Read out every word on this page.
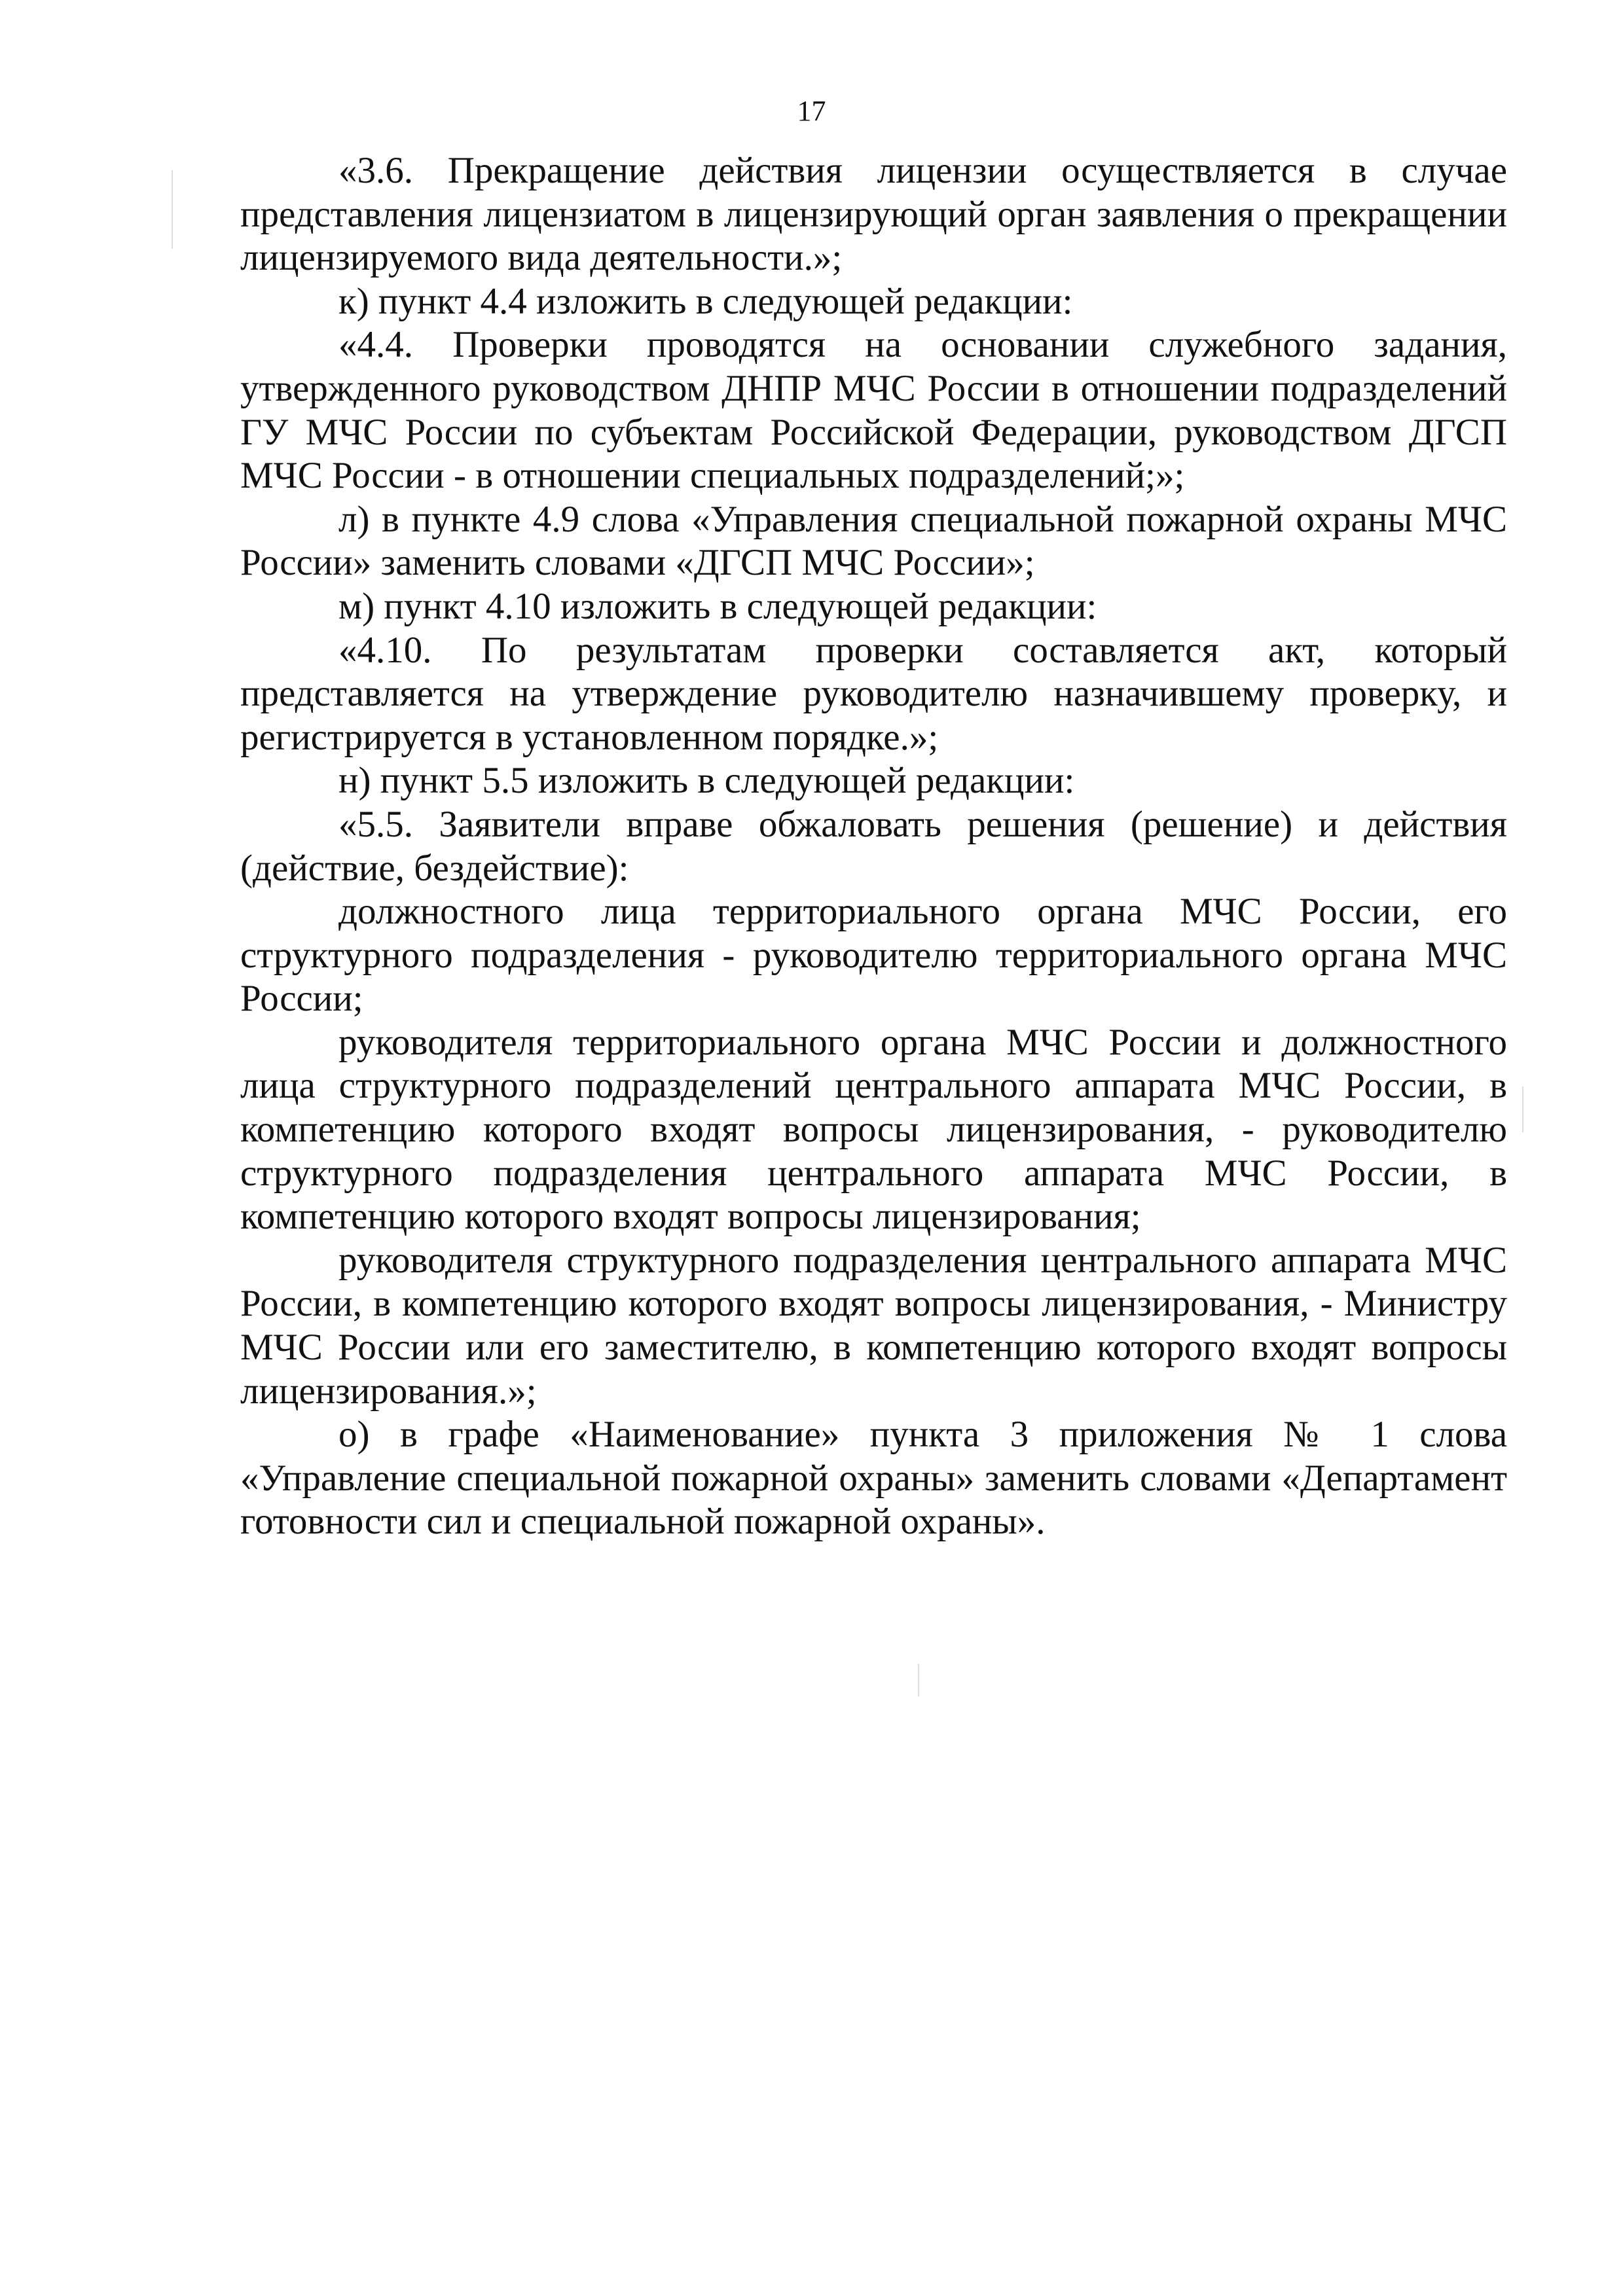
17

«3.6. Прекращение действия лицензии осуществляется в случае представления лицензиатом в лицензирующий орган заявления о прекращении лицензируемого вида деятельности.»;

к) пункт 4.4 изложить в следующей редакции:

«4.4. Проверки проводятся на основании служебного задания, утвержденного руководством ДНПР МЧС России в отношении подразделений ГУ МЧС России по субъектам Российской Федерации, руководством ДГСП МЧС России - в отношении специальных подразделений;»;

л) в пункте 4.9 слова «Управления специальной пожарной охраны МЧС России» заменить словами «ДГСП МЧС России»;

м) пункт 4.10 изложить в следующей редакции:

«4.10. По результатам проверки составляется акт, который представляется на утверждение руководителю назначившему проверку, и регистрируется в установленном порядке.»;

н) пункт 5.5 изложить в следующей редакции:

«5.5. Заявители вправе обжаловать решения (решение) и действия (действие, бездействие):

должностного лица территориального органа МЧС России, его структурного подразделения - руководителю территориального органа МЧС России;

руководителя территориального органа МЧС России и должностного лица структурного подразделений центрального аппарата МЧС России, в компетенцию которого входят вопросы лицензирования, - руководителю структурного подразделения центрального аппарата МЧС России, в компетенцию которого входят вопросы лицензирования;

руководителя структурного подразделения центрального аппарата МЧС России, в компетенцию которого входят вопросы лицензирования, - Министру МЧС России или его заместителю, в компетенцию которого входят вопросы лицензирования.»;

о) в графе «Наименование» пункта 3 приложения № 1 слова «Управление специальной пожарной охраны» заменить словами «Департамент готовности сил и специальной пожарной охраны».
